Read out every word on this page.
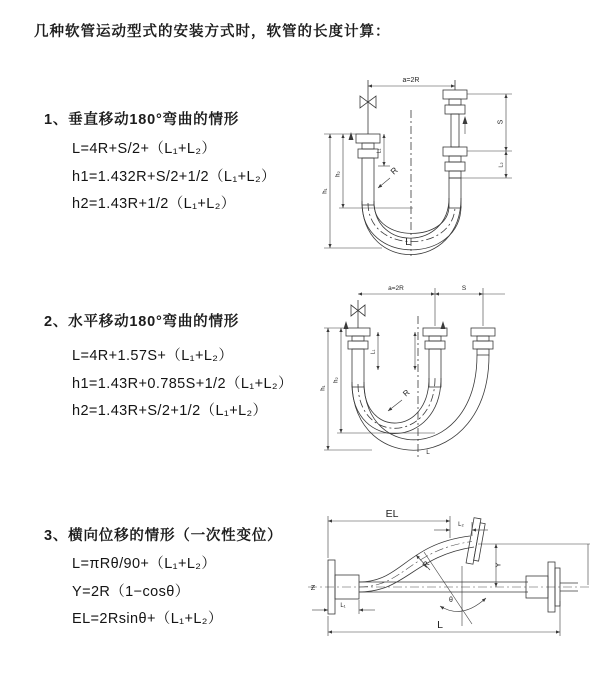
几种软管运动型式的安装方式时，软管的长度计算：
1、垂直移动180°弯曲的情形
L=4R+S/2+（L₁+L₂）
h1=1.432R+S/2+1/2（L₁+L₂）
h2=1.43R+1/2（L₁+L₂）
a=2R
h₁
h₂
L₁
S
L₂
R
L
2、水平移动180°弯曲的情形
L=4R+1.57S+（L₁+L₂）
h1=1.43R+0.785S+1/2（L₁+L₂）
h2=1.43R+S/2+1/2（L₁+L₂）
a=2R	S
h₁
h₂
L₁
R
L
3、横向位移的情形（一次性变位）
L=πRθ/90+（L₁+L₂）
Y=2R（1−cosθ）
EL=2Rsinθ+（L₁+L₂）
EL
L₂
Y
θ
R
L
L₁
Ƶ
